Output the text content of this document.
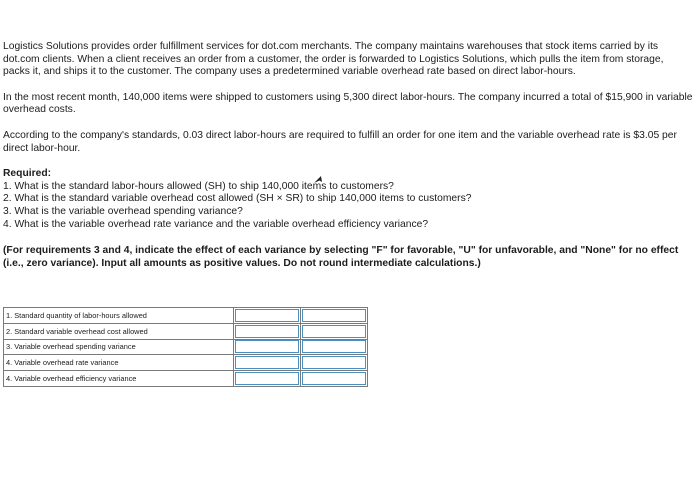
Logistics Solutions provides order fulfillment services for dot.com merchants. The company maintains warehouses that stock items carried by its dot.com clients. When a client receives an order from a customer, the order is forwarded to Logistics Solutions, which pulls the item from storage, packs it, and ships it to the customer. The company uses a predetermined variable overhead rate based on direct labor-hours.

In the most recent month, 140,000 items were shipped to customers using 5,300 direct labor-hours. The company incurred a total of $15,900 in variable overhead costs.

According to the company's standards, 0.03 direct labor-hours are required to fulfill an order for one item and the variable overhead rate is $3.05 per direct labor-hour.

Required:

1. What is the standard labor-hours allowed (SH) to ship 140,000 items to customers?

2. What is the standard variable overhead cost allowed (SH × SR) to ship 140,000 items to customers?

3. What is the variable overhead spending variance?

4. What is the variable overhead rate variance and the variable overhead efficiency variance?

(For requirements 3 and 4, indicate the effect of each variance by selecting "F" for favorable, "U" for unfavorable, and "None" for no effect (i.e., zero variance). Input all amounts as positive values. Do not round intermediate calculations.)

1. Standard quantity of labor-hours allowed	

2. Standard variable overhead cost allowed	

3. Variable overhead spending variance	

4. Variable overhead rate variance	

4. Variable overhead efficiency variance	
